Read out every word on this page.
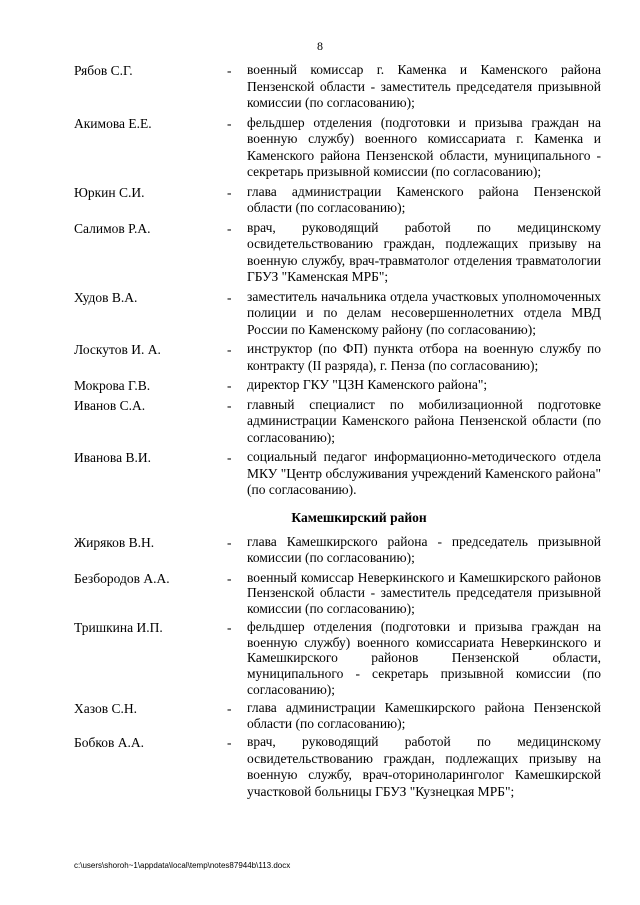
8
Рябов С.Г.	- военный комиссар г. Каменка и Каменского района Пензенской области - заместитель председателя призывной комиссии (по согласованию);
Акимова Е.Е.	- фельдшер отделения (подготовки и призыва граждан на военную службу) военного комиссариата г. Каменка и Каменского района Пензенской области, муниципального - секретарь призывной комиссии (по согласованию);
Юркин С.И.	- глава администрации Каменского района Пензенской области (по согласованию);
Салимов Р.А.	- врач, руководящий работой по медицинскому освидетельствованию граждан, подлежащих призыву на военную службу, врач-травматолог отделения травматологии ГБУЗ "Каменская МРБ";
Худов В.А.	- заместитель начальника отдела участковых уполномоченных полиции и по делам несовершеннолетних отдела МВД России по Каменскому району (по согласованию);
Лоскутов И. А.	- инструктор (по ФП) пункта отбора на военную службу по контракту (II разряда), г. Пенза (по согласованию);
Мокрова Г.В.	- директор ГКУ "ЦЗН Каменского района";
Иванов С.А.	- главный специалист по мобилизационной подготовке администрации Каменского района Пензенской области (по согласованию);
Иванова В.И.	- социальный педагог информационно-методического отдела МКУ "Центр обслуживания учреждений Каменского района" (по согласованию).
Камешкирский район
Жиряков В.Н.	- глава Камешкирского района - председатель призывной комиссии (по согласованию);
Безбородов А.А.	- военный комиссар Неверкинского и Камешкирского районов Пензенской области - заместитель председателя призывной комиссии (по согласованию);
Тришкина И.П.	- фельдшер отделения (подготовки и призыва граждан на военную службу) военного комиссариата Неверкинского и Камешкирского районов Пензенской области, муниципального - секретарь призывной комиссии (по согласованию);
Хазов С.Н.	- глава администрации Камешкирского района Пензенской области (по согласованию);
Бобков А.А.	- врач, руководящий работой по медицинскому освидетельствованию граждан, подлежащих призыву на военную службу, врач-оториноларинголог Камешкирской участковой больницы ГБУЗ "Кузнецкая МРБ";
c:\users\shoroh~1\appdata\local\temp\notes87944b\113.docx
